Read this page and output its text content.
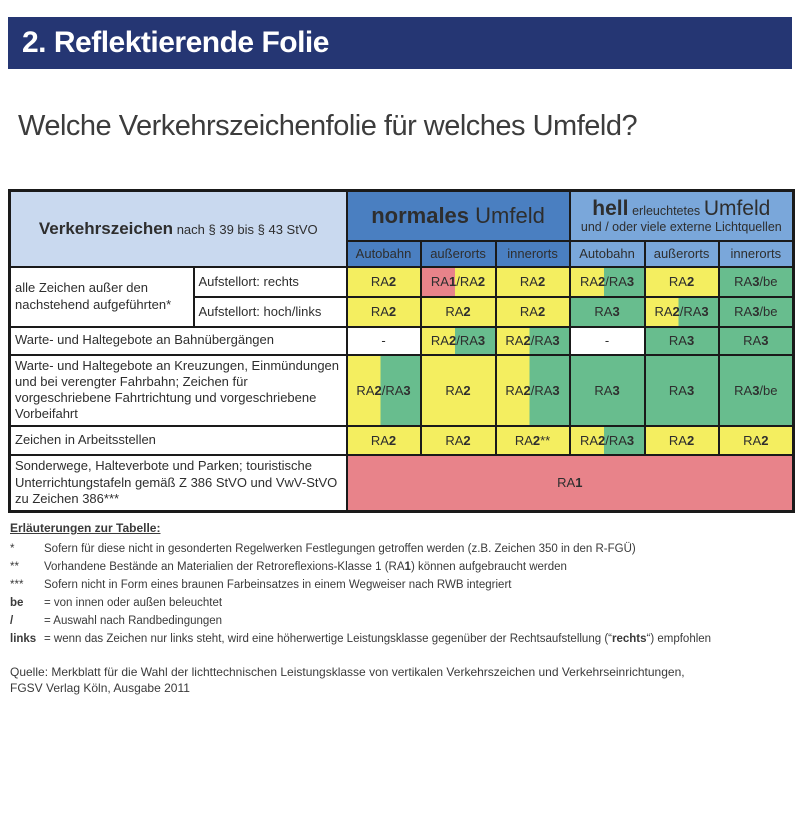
2. Reflektierende Folie
Welche Verkehrszeichenfolie für welches Umfeld?
Verkehrszeichen nach § 39 bis § 43 StVO		normales Umfeld			hell erleuchtetes Umfeld
und / oder viele externe Lichtquellen		

		Autobahn	außerorts	innerorts	Autobahn	außerorts	innerorts
alle Zeichen außer den nachstehend aufgeführten*	Aufstellort: rechts	RA2	RA1/RA2	RA2	RA2/RA3	RA2	RA3/be
	Aufstellort: hoch/links	RA2	RA2	RA2	RA3	RA2/RA3	RA3/be
Warte- und Haltegebote an Bahnübergängen		-	RA2/RA3	RA2/RA3	-	RA3	RA3
Warte- und Haltegebote an Kreuzungen, Einmündungen und bei verengter Fahrbahn; Zeichen für vorgeschriebene Fahrtrichtung und vorgeschriebene Vorbeifahrt		RA2/RA3	RA2	RA2/RA3	RA3	RA3	RA3/be
Zeichen in Arbeitsstellen		RA2	RA2	RA2**	RA2/RA3	RA2	RA2
Sonderwege, Halteverbote und Parken; touristische Unterrichtungstafeln gemäß Z 386 StVO und VwV-StVO zu Zeichen 386***		RA1					
Erläuterungen zur Tabelle:
*	Sofern für diese nicht in gesonderten Regelwerken Festlegungen getroffen werden (z.B. Zeichen 350 in den R-FGÜ)
** Vorhandene Bestände an Materialien der Retroreflexions-Klasse 1 (RA1) können aufgebraucht werden
*** Sofern nicht in Form eines braunen Farbeinsatzes in einem Wegweiser nach RWB integriert
be = von innen oder außen beleuchtet
/	= Auswahl nach Randbedingungen
links = wenn das Zeichen nur links steht, wird eine höherwertige Leistungsklasse gegenüber der Rechtsaufstellung (“rechts“) empfohlen
Quelle: Merkblatt für die Wahl der lichttechnischen Leistungsklasse von vertikalen Verkehrszeichen und Verkehrseinrichtungen,
FGSV Verlag Köln, Ausgabe 2011
